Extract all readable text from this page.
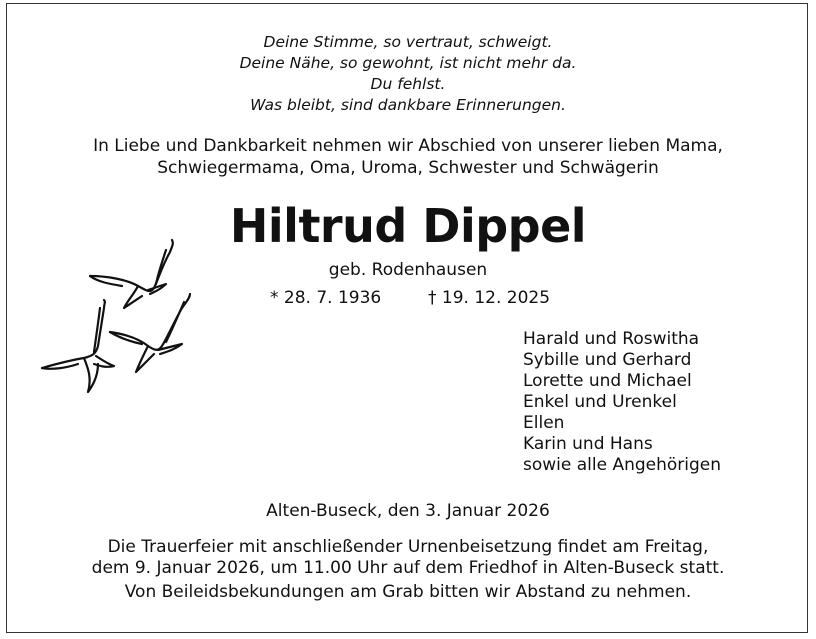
Deine Stimme, so vertraut, schweigt.
Deine Nähe, so gewohnt, ist nicht mehr da.
Du fehlst.
Was bleibt, sind dankbare Erinnerungen.
In Liebe und Dankbarkeit nehmen wir Abschied von unserer lieben Mama,
Schwiegermama, Oma, Uroma, Schwester und Schwägerin
Hiltrud Dippel
geb. Rodenhausen
* 28. 7. 1936	† 19. 12. 2025
Harald und Roswitha
Sybille und Gerhard
Lorette und Michael
Enkel und Urenkel
Ellen
Karin und Hans
sowie alle Angehörigen
Alten-Buseck, den 3. Januar 2026
Die Trauerfeier mit anschließender Urnenbeisetzung findet am Freitag,
dem 9. Januar 2026, um 11.00 Uhr auf dem Friedhof in Alten-Buseck statt.
Von Beileidsbekundungen am Grab bitten wir Abstand zu nehmen.
